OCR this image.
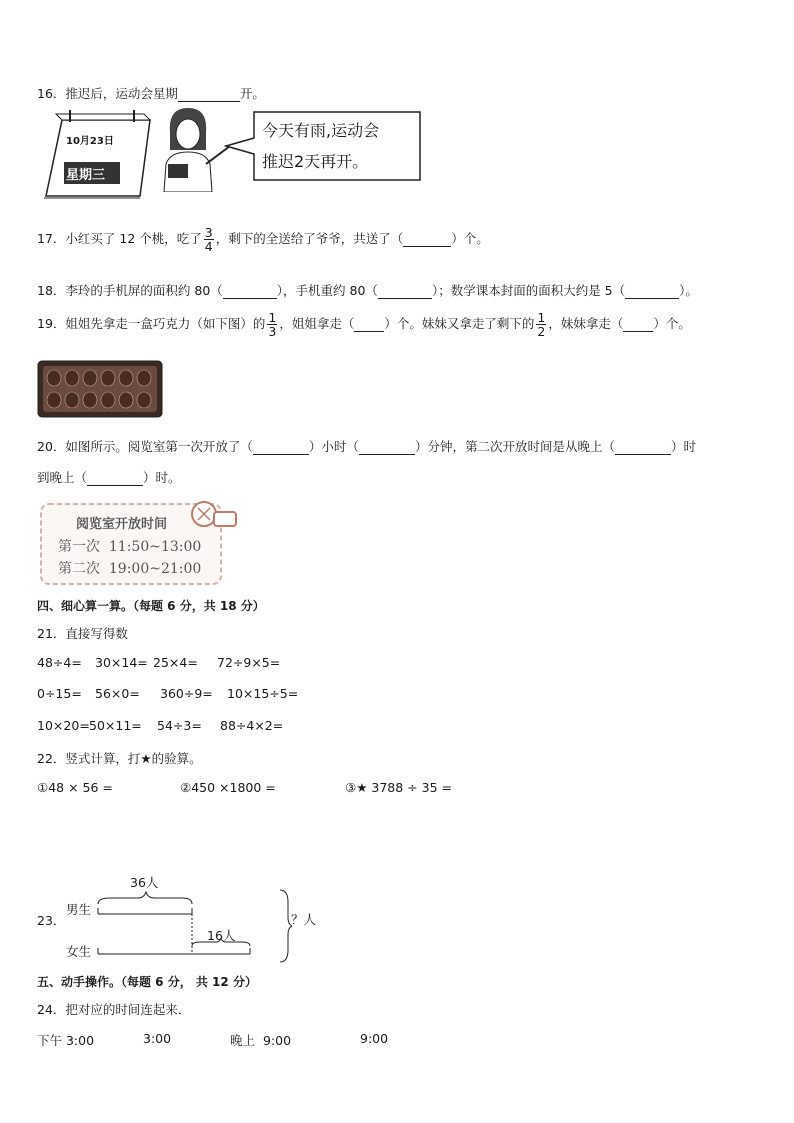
16．推迟后，运动会星期	开。
10月23日
星期三
今天有雨,运动会
推迟2天再开。
17．小红买了 12 个桃，吃了 $\frac{3}{4}$ ，剩下的全送给了爷爷，共送了（	）个。
18．李玲的手机屏的面积约 80（	），手机重约 80（	）；数学课本封面的面积大约是 5（	）。
19．姐姐先拿走一盒巧克力（如下图）的 $\frac{1}{3}$ ，姐姐拿走（ ）个。妹妹又拿走了剩下的 $\frac{1}{2}$ ，妹妹拿走（ ）个。
20．如图所示。阅览室第一次开放了（	）小时（	）分钟，第二次开放时间是从晚上（	）时
到晚上（	）时。
阅览室开放时间
第一次  11:50~13:00
第二次  19:00~21:00
四、细心算一算。（每题 6 分，共 18 分）
21．直接写得数
48÷4= 30×14= 25×4= 72÷9×5=
0÷15= 56×0= 360÷9= 10×15÷5=
10×20= 50×11= 54÷3= 88÷4×2=
22．竖式计算，打★的验算。
①48 × 56 =	②450 ×1800 =	③★ 3788 ÷ 35 =
23．
男生
女生
36人
16人
？人
五、动手操作。（每题 6 分， 共 12 分）
24．把对应的时间连起来．
下午 3:00	3:00	晚上  9:00	9:00
